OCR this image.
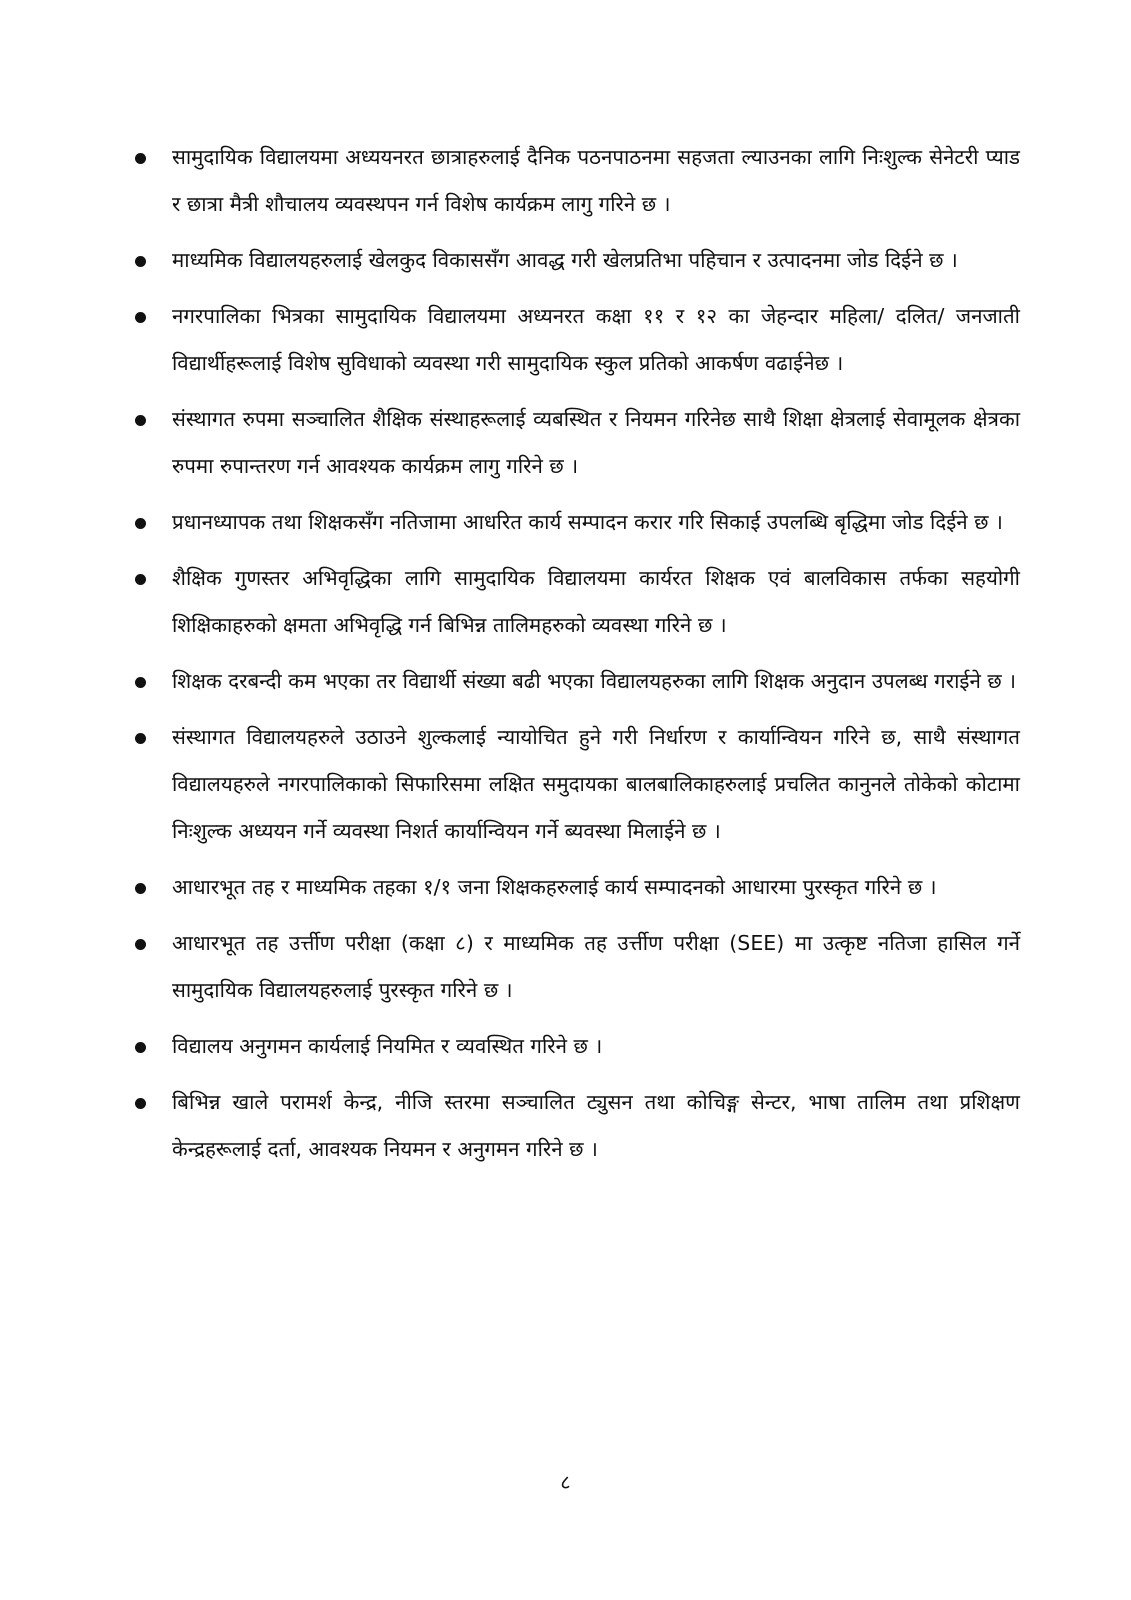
सामुदायिक विद्यालयमा अध्ययनरत छात्राहरुलाई दैनिक पठनपाठनमा सहजता ल्याउनका लागि निःशुल्क सेनेटरी प्याड र छात्रा मैत्री शौचालय व्यवस्थपन गर्न विशेष कार्यक्रम लागु गरिने छ ।
माध्यमिक विद्यालयहरुलाई खेलकुद विकाससँग आवद्ध गरी खेलप्रतिभा पहिचान र उत्पादनमा जोड दिईने छ ।
नगरपालिका भित्रका सामुदायिक विद्यालयमा अध्यनरत कक्षा ११ र १२ का जेहन्दार महिला/ दलित/ जनजाती विद्यार्थीहरूलाई विशेष सुविधाको व्यवस्था गरी सामुदायिक स्कुल प्रतिको आकर्षण वढाईनेछ ।
संस्थागत रुपमा सञ्चालित शैक्षिक संस्थाहरूलाई व्यबस्थित र नियमन गरिनेछ साथै शिक्षा क्षेत्रलाई सेवामूलक क्षेत्रका रुपमा रुपान्तरण गर्न आवश्यक कार्यक्रम लागु गरिने छ ।
प्रधानध्यापक तथा शिक्षकसँग नतिजामा आधरित कार्य सम्पादन करार गरि सिकाई उपलब्धि बृद्धिमा जोड दिईने छ ।
शैक्षिक गुणस्तर अभिवृद्धिका लागि सामुदायिक विद्यालयमा कार्यरत शिक्षक एवं बालविकास तर्फका सहयोगी शिक्षिकाहरुको क्षमता अभिवृद्धि गर्न बिभिन्न तालिमहरुको व्यवस्था गरिने छ ।
शिक्षक दरबन्दी कम भएका तर विद्यार्थी संख्या बढी भएका विद्यालयहरुका लागि शिक्षक अनुदान उपलब्ध गराईने छ ।
संस्थागत विद्यालयहरुले उठाउने शुल्कलाई न्यायोचित हुने गरी निर्धारण र कार्यान्वियन गरिने छ, साथै संस्थागत विद्यालयहरुले नगरपालिकाको सिफारिसमा लक्षित समुदायका बालबालिकाहरुलाई प्रचलित कानुनले तोकेको कोटामा निःशुल्क अध्ययन गर्ने व्यवस्था निशर्त कार्यान्वियन गर्ने ब्यवस्था मिलाईने छ ।
आधारभूत तह र माध्यमिक तहका १/१ जना शिक्षकहरुलाई कार्य सम्पादनको आधारमा पुरस्कृत गरिने छ ।
आधारभूत तह उर्त्तीण परीक्षा (कक्षा ८) र माध्यमिक तह उर्त्तीण परीक्षा (SEE) मा उत्कृष्ट नतिजा हासिल गर्ने सामुदायिक विद्यालयहरुलाई पुरस्कृत गरिने छ ।
विद्यालय अनुगमन कार्यलाई नियमित र व्यवस्थित गरिने छ ।
बिभिन्न खाले परामर्श केन्द्र, नीजि स्तरमा सञ्चालित ट्युसन तथा कोचिङ्ग सेन्टर, भाषा तालिम तथा प्रशिक्षण केन्द्रहरूलाई दर्ता, आवश्यक नियमन र अनुगमन गरिने छ ।
८
